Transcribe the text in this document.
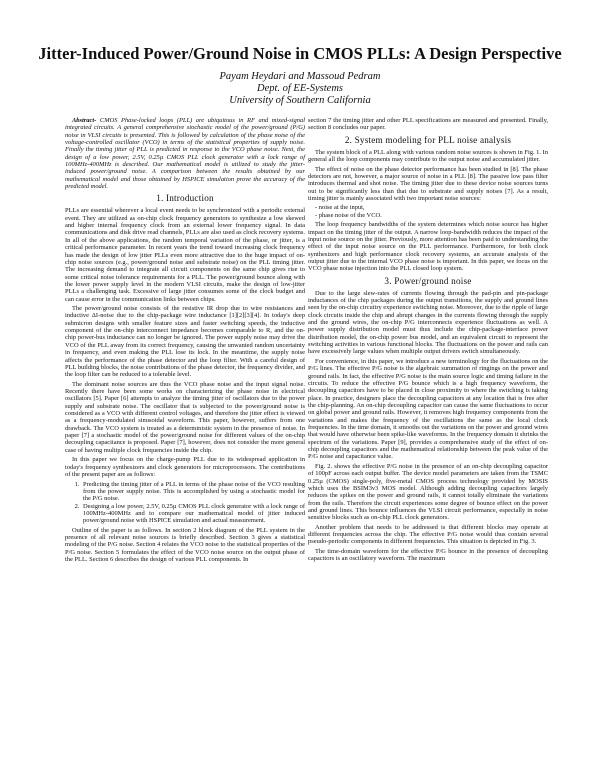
Jitter-Induced Power/Ground Noise in CMOS PLLs: A Design Perspective
Payam Heydari and Massoud Pedram
Dept. of EE-Systems
University of Southern California

Abstract- CMOS Phase-locked loops (PLL) are ubiquitous in RF and mixed-signal integrated circuits. A general comprehensive stochastic model of the power/ground (P/G) noise in VLSI circuits is presented. This is followed by calculation of the phase noise of the voltage-controlled oscillator (VCO) in terms of the statistical properties of supply noise. Finally the timing jitter of PLL is predicted in response to the VCO phase noise. Next, the design of a low power, 2.5V, 0.25µ CMOS PLL clock generator with a lock range of 100MHz-400MHz is described. Our mathematical model is utilized to study the jitter-induced power/ground noise. A comparison between the results obtained by our mathematical model and those obtained by HSPICE simulation prove the accuracy of the predicted model.

1. Introduction

PLLs are essential wherever a local event needs to be synchronized with a periodic external event. They are utilized as on-chip clock frequency generators to synthesize a low skewed and higher internal frequency clock from an external lower frequency signal. In data communications and disk drive read channels, PLLs are also used as clock recovery systems. In all of the above applications, the random temporal variation of the phase, or jitter, is a critical performance parameter. In recent years the trend toward increasing clock frequency has made the design of low jitter PLLs even more attractive due to the huge impact of on-chip noise sources (e.g., power/ground noise and substrate noise) on the PLL timing jitter. The increasing demand to integrate all circuit components on the same chip gives rise to some critical noise tolerance requirements for a PLL. The power/ground bounce along with the lower power supply level in the modern VLSI circuits, make the design of low-jitter PLLs a challenging task. Excessive of large jitter consumes some of the clock budget and can cause error in the communication links between chips.

The power/ground noise consists of the resistive IR drop due to wire resistances and inductive ΔI-noise due to the chip-package wire inductance [1][2][3][4]. In today's deep submicron designs with smaller feature sizes and faster switching speeds, the inductive component of the on-chip interconnect impedance becomes comparable to R, and the on-chip power-bus inductance can no longer be ignored. The power supply noise may drive the VCO of the PLL away from its correct frequency, causing the unwanted random uncertainty in frequency, and even making the PLL lose its lock. In the meantime, the supply noise affects the performance of the phase detector and the loop filter. With a careful design of PLL building blocks, the noise contributions of the phase detector, the frequency divider, and the loop filter can be reduced to a tolerable level.

The dominant noise sources are thus the VCO phase noise and the input signal noise. Recently there have been some works on characterizing the phase noise in electrical oscillators [5]. Paper [6] attempts to analyze the timing jitter of oscillators due to the power supply and substrate noise. The oscillator that is subjected to the power/ground noise is considered as a VCO with different control voltages, and therefore the jitter effect is viewed as a frequency-modulated sinusoidal waveform. This paper, however, suffers from one drawback. The VCO system is treated as a deterministic system in the presence of noise. In paper [7] a stochastic model of the power/ground noise for different values of the on-chip decoupling capacitance is proposed. Paper [7], however, does not consider the more general case of having multiple clock frequencies inside the chip.

In this paper we focus on the charge-pump PLL due to its widespread application in today's frequency synthesizers and clock generators for microprocessors. The contributions of the present paper are as follows:

1. Predicting the timing jitter of a PLL in terms of the phase noise of the VCO resulting from the power supply noise. This is accomplished by using a stochastic model for the P/G noise.
2. Designing a low power, 2.5V, 0.25µ CMOS PLL clock generator with a lock range of 100MHz-400MHz and to compare our mathematical model of jitter induced power/ground noise with HSPICE simulation and actual measurement.

Outline of the paper is as follows. In section 2 block diagram of the PLL system in the presence of all relevant noise sources is briefly described. Section 3 gives a statistical modeling of the P/G noise. Section 4 relates the VCO noise to the statistical properties of the P/G noise. Section 5 formulates the effect of the VCO noise source on the output phase of the PLL. Section 6 describes the design of various PLL components. In

section 7 the timing jitter and other PLL specifications are measured and presented. Finally, section 8 concludes our paper.

2. System modeling for PLL noise analysis

The system block of a PLL along with various random noise sources is shown in Fig. 1. In general all the loop components may contribute to the output noise and accumulated jitter.

The effect of noise on the phase detector performance has been studied in [8]. The phase detectors are not, however, a major source of noise in a PLL [8]. The passive low pass filter introduces thermal and shot noise. The timing jitter due to these device noise sources turns out to be significantly less than that due to substrate and supply noises [7]. As a result, timing jitter is mainly associated with two important noise sources:

- noise at the input,
- phase noise of the VCO.

The loop frequency bandwidths of the system determines which noise source has higher impact on the timing jitter of the output. A narrow loop-bandwidth reduces the impact of the input noise source on the jitter. Previously, more attention has been paid to understanding the effect of the input noise source on the PLL performance. Furthermore, for both clock synthesizers and high performance clock recovery systems, an accurate analysis of the output jitter due to the internal VCO phase noise is important. In this paper, we focus on the VCO phase noise injection into the PLL closed loop system.

3. Power/ground noise

Due to the large slew-rates of currents flowing through the pad-pin and pin-package inductances of the chip packages during the output transitions, the supply and ground lines seen by the on-chip circuitry experience switching noise. Moreover, due to the ripple of large clock circuits inside the chip and abrupt changes in the currents flowing through the supply and the ground wires, the on-chip P/G interconnects experience fluctuations as well. A power supply distribution model must thus include the chip-package-interface power distribution model, the on-chip power bus model, and an equivalent circuit to represent the switching activities in various functional blocks. The fluctuations on the power and rails can have excessively large values when multiple output drivers switch simultaneously.

For convenience, in this paper, we introduce a new terminology for the fluctuations on the P/G lines. The effective P/G noise is the algebraic summation of ringings on the power and ground rails. In fact, the effective P/G noise is the main source logic and timing failure in the circuits. To reduce the effective P/G bounce which is a high frequency waveform, the decoupling capacitors have to be placed in close proximity to where the switching is taking place. In practice, designers place the decoupling capacitors at any location that is free after the chip-planning. An on-chip decoupling capacitor can cause the same fluctuations to occur on global power and ground rails. However, it removes high frequency components from the variations and makes the frequency of the oscillations the same as the local clock frequencies. In the time domain, it smooths out the variations on the power and ground wires that would have otherwise been spike-like waveforms. In the frequency domain it shrinks the spectrum of the variations. Paper [9], provides a comprehensive study of the effect of on-chip decoupling capacitors and the mathematical relationship between the peak value of the P/G noise and capacitance value.

Fig. 2. shows the effective P/G noise in the presence of an on-chip decoupling capacitor of 100pF across each output buffer. The device model parameters are taken from the TSMC 0.25µ (CMOS) single-poly, five-metal CMOS process technology provided by MOSIS which uses the BSIM3v3 MOS model. Although adding decoupling capacitors largely reduces the spikes on the power and ground rails, it cannot totally eliminate the variations from the rails. Therefore the circuit experiences some degree of bounce effect on the power and ground lines. This bounce influences the VLSI circuit performance, especially in noise sensitive blocks such as on-chip PLL clock generators.

Another problem that needs to be addressed is that different blocks may operate at different frequencies across the chip. The effective P/G noise would thus contain several pseudo-periodic components in different frequencies. This situation is depicted in Fig. 3.

The time-domain waveform for the effective P/G bounce in the presence of decoupling capacitors is an oscillatory waveform. The maximum
